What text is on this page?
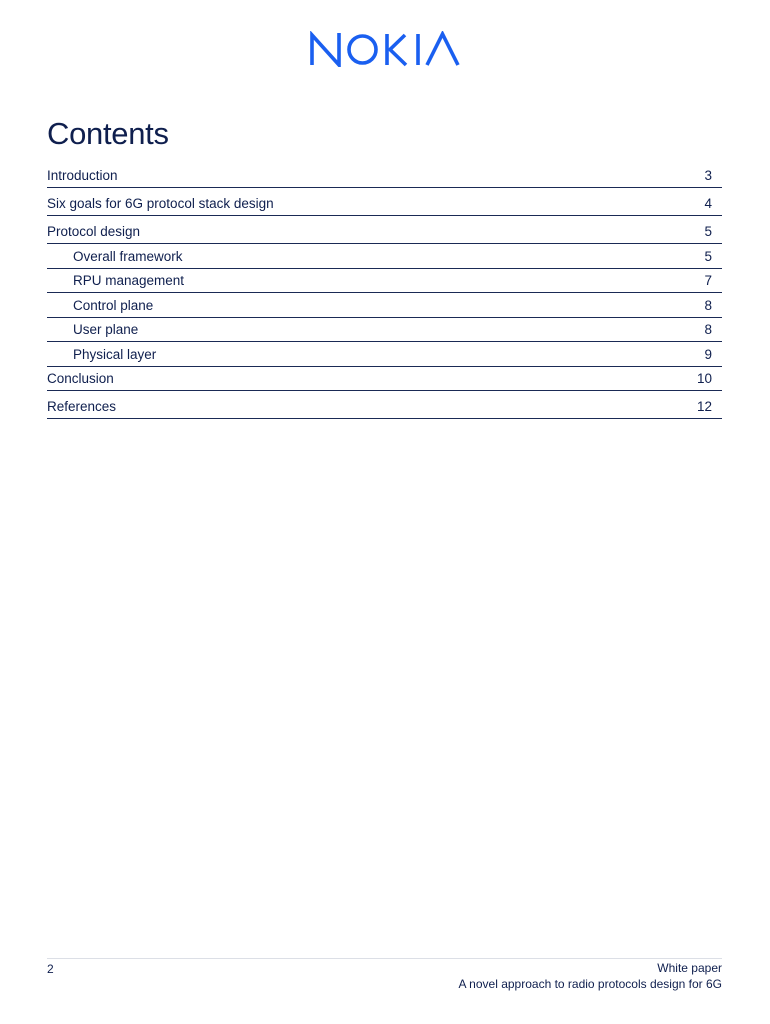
Contents
Introduction	3
Six goals for 6G protocol stack design	4
Protocol design	5
Overall framework	5
RPU management	7
Control plane	8
User plane	8
Physical layer	9
Conclusion	10
References	12
2	White paper
A novel approach to radio protocols design for 6G
